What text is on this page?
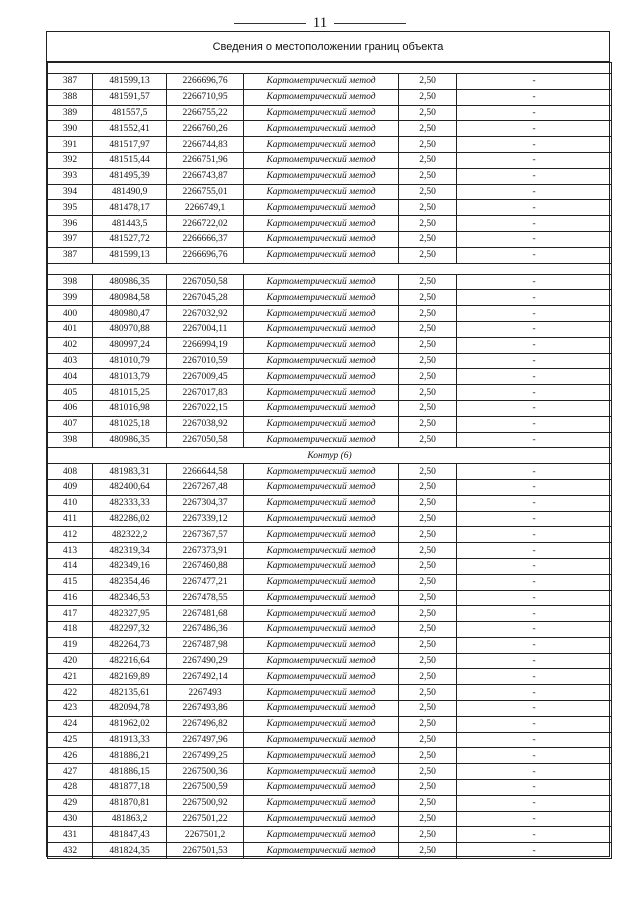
11
Сведения о местоположении границ объекта

387	481599,13	2266696,76	Картометрический метод	2,50	-
388	481591,57	2266710,95	Картометрический метод	2,50	-
389	481557,5	2266755,22	Картометрический метод	2,50	-
390	481552,41	2266760,26	Картометрический метод	2,50	-
391	481517,97	2266744,83	Картометрический метод	2,50	-
392	481515,44	2266751,96	Картометрический метод	2,50	-
393	481495,39	2266743,87	Картометрический метод	2,50	-
394	481490,9	2266755,01	Картометрический метод	2,50	-
395	481478,17	2266749,1	Картометрический метод	2,50	-
396	481443,5	2266722,02	Картометрический метод	2,50	-
397	481527,72	2266666,37	Картометрический метод	2,50	-
387	481599,13	2266696,76	Картометрический метод	2,50	-

398	480986,35	2267050,58	Картометрический метод	2,50	-
399	480984,58	2267045,28	Картометрический метод	2,50	-
400	480980,47	2267032,92	Картометрический метод	2,50	-
401	480970,88	2267004,11	Картометрический метод	2,50	-
402	480997,24	2266994,19	Картометрический метод	2,50	-
403	481010,79	2267010,59	Картометрический метод	2,50	-
404	481013,79	2267009,45	Картометрический метод	2,50	-
405	481015,25	2267017,83	Картометрический метод	2,50	-
406	481016,98	2267022,15	Картометрический метод	2,50	-
407	481025,18	2267038,92	Картометрический метод	2,50	-
398	480986,35	2267050,58	Картометрический метод	2,50	-
Контур (6)					
408	481983,31	2266644,58	Картометрический метод	2,50	-
409	482400,64	2267267,48	Картометрический метод	2,50	-
410	482333,33	2267304,37	Картометрический метод	2,50	-
411	482286,02	2267339,12	Картометрический метод	2,50	-
412	482322,2	2267367,57	Картометрический метод	2,50	-
413	482319,34	2267373,91	Картометрический метод	2,50	-
414	482349,16	2267460,88	Картометрический метод	2,50	-
415	482354,46	2267477,21	Картометрический метод	2,50	-
416	482346,53	2267478,55	Картометрический метод	2,50	-
417	482327,95	2267481,68	Картометрический метод	2,50	-
418	482297,32	2267486,36	Картометрический метод	2,50	-
419	482264,73	2267487,98	Картометрический метод	2,50	-
420	482216,64	2267490,29	Картометрический метод	2,50	-
421	482169,89	2267492,14	Картометрический метод	2,50	-
422	482135,61	2267493	Картометрический метод	2,50	-
423	482094,78	2267493,86	Картометрический метод	2,50	-
424	481962,02	2267496,82	Картометрический метод	2,50	-
425	481913,33	2267497,96	Картометрический метод	2,50	-
426	481886,21	2267499,25	Картометрический метод	2,50	-
427	481886,15	2267500,36	Картометрический метод	2,50	-
428	481877,18	2267500,59	Картометрический метод	2,50	-
429	481870,81	2267500,92	Картометрический метод	2,50	-
430	481863,2	2267501,22	Картометрический метод	2,50	-
431	481847,43	2267501,2	Картометрический метод	2,50	-
432	481824,35	2267501,53	Картометрический метод	2,50	-
